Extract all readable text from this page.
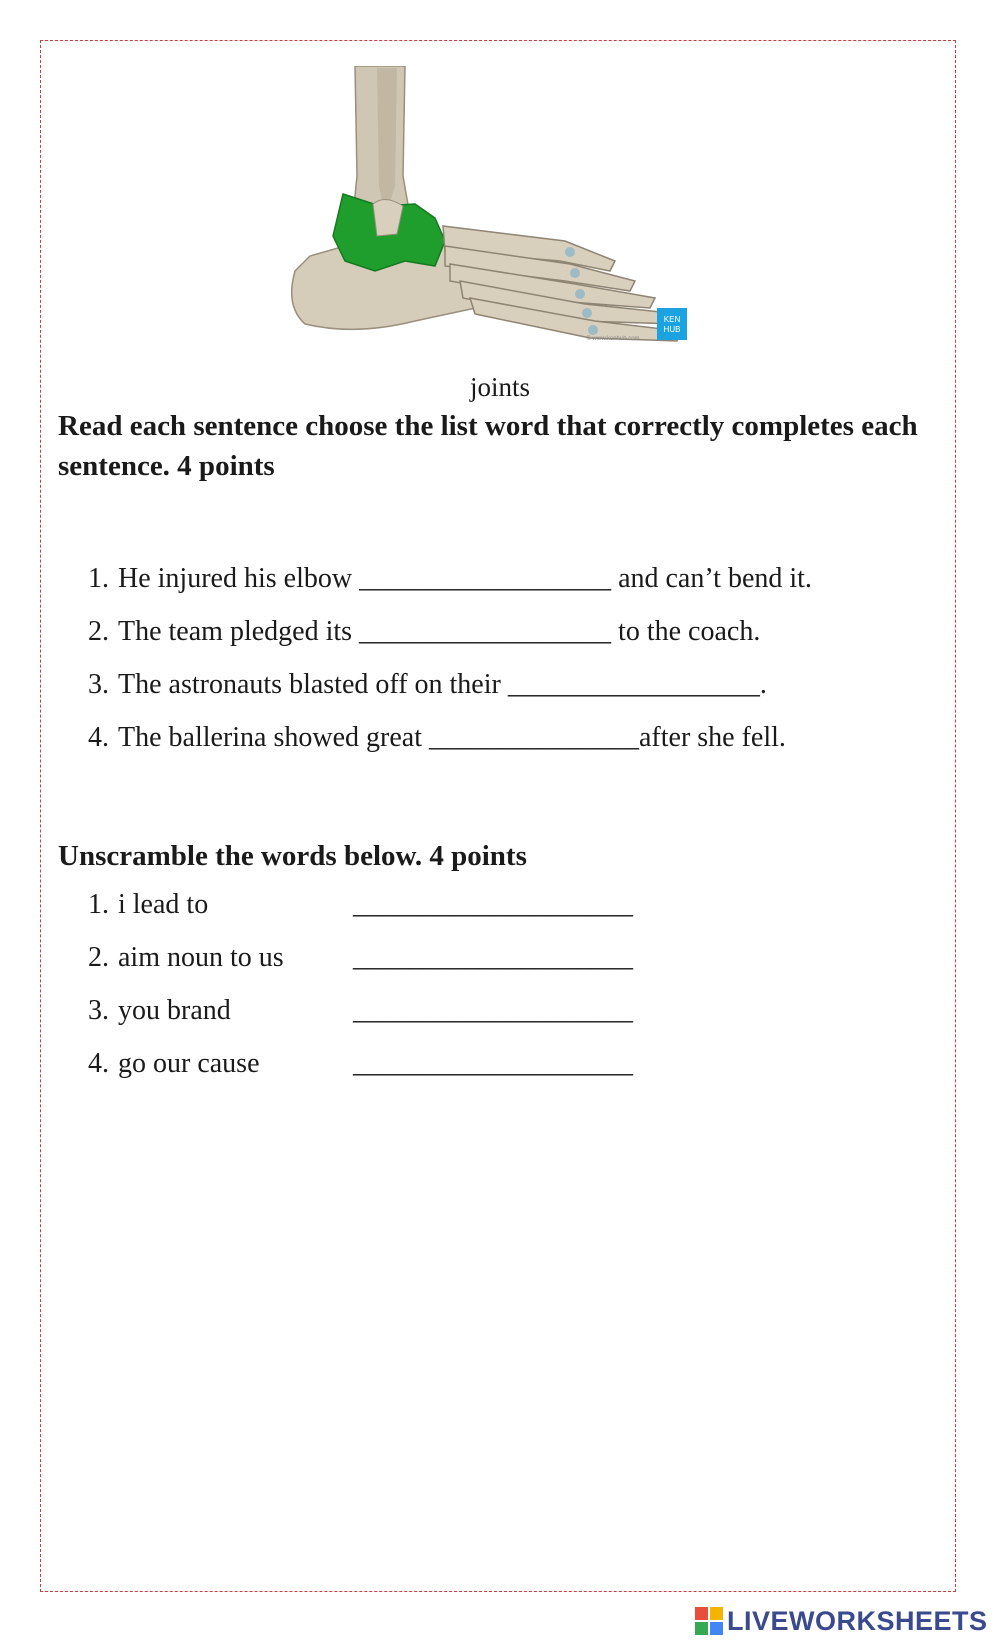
KEN
HUB
© www.kenhub.com
joints
Read each sentence choose the list word that correctly completes each sentence. 4 points
1. He injured his elbow __________________ and can’t bend it.
2. The team pledged its __________________ to the coach.
3. The astronauts blasted off on their __________________.
4. The ballerina showed great _______________after she fell.
Unscramble the words below. 4 points
1. i lead to	____________________
2. aim noun to us ____________________
3. you brand	____________________
4. go our cause	____________________
LIVEWORKSHEETS
